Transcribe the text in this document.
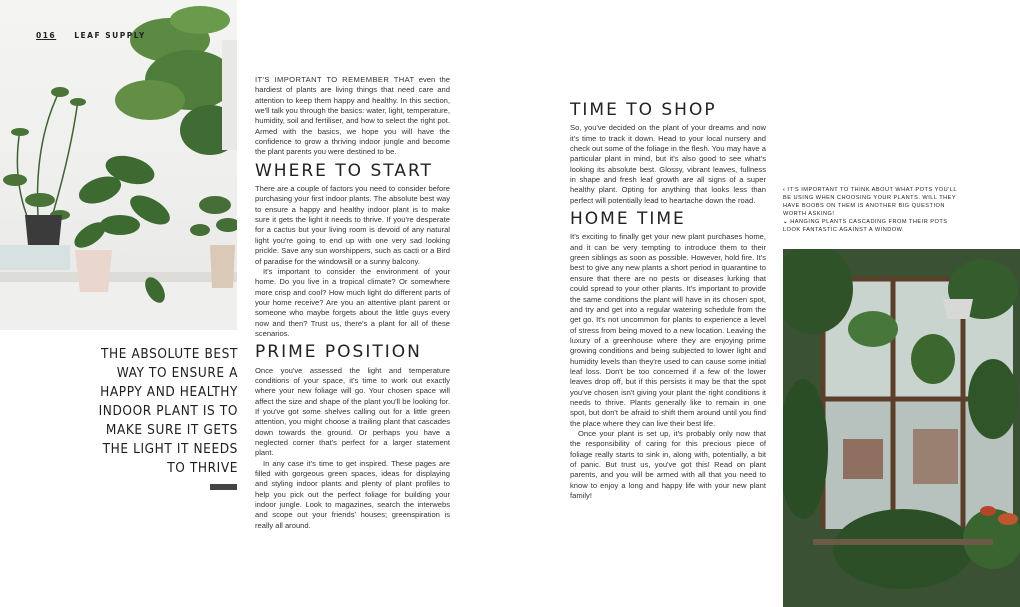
016 LEAF SUPPLY
THE ABSOLUTE BEST WAY TO ENSURE A HAPPY AND HEALTHY INDOOR PLANT IS TO MAKE SURE IT GETS THE LIGHT IT NEEDS TO THRIVE

IT'S IMPORTANT TO REMEMBER THAT even the hardiest of plants are living things that need care and attention to keep them happy and healthy. In this section, we'll talk you through the basics: water, light, temperature, humidity, soil and fertiliser, and how to select the right pot. Armed with the basics, we hope you will have the confidence to grow a thriving indoor jungle and become the plant parents you were destined to be.

WHERE TO START

There are a couple of factors you need to consider before purchasing your first indoor plants. The absolute best way to ensure a happy and healthy indoor plant is to make sure it gets the light it needs to thrive. If you're desperate for a cactus but your living room is devoid of any natural light you're going to end up with one very sad looking prickle. Save any sun worshippers, such as cacti or a Bird of paradise for the windowsill or a sunny balcony.

It's important to consider the environment of your home. Do you live in a tropical climate? Or somewhere more crisp and cool? How much light do different parts of your home receive? Are you an attentive plant parent or someone who maybe forgets about the little guys every now and then? Trust us, there's a plant for all of these scenarios.

PRIME POSITION

Once you've assessed the light and temperature conditions of your space, it's time to work out exactly where your new foliage will go. Your chosen space will affect the size and shape of the plant you'll be looking for. If you've got some shelves calling out for a little green attention, you might choose a trailing plant that cascades down towards the ground. Or perhaps you have a neglected corner that's perfect for a larger statement plant.

In any case it's time to get inspired. These pages are filled with gorgeous green spaces, ideas for displaying and styling indoor plants and plenty of plant profiles to help you pick out the perfect foliage for building your indoor jungle. Look to magazines, search the interwebs and scope out your friends' houses; greenspiration is really all around.

TIME TO SHOP

So, you've decided on the plant of your dreams and now it's time to track it down. Head to your local nursery and check out some of the foliage in the flesh. You may have a particular plant in mind, but it's also good to see what's looking its absolute best. Glossy, vibrant leaves, fullness in shape and fresh leaf growth are all signs of a super healthy plant. Opting for anything that looks less than perfect will potentially lead to heartache down the road.

HOME TIME

It's exciting to finally get your new plant purchases home, and it can be very tempting to introduce them to their green siblings as soon as possible. However, hold fire. It's best to give any new plants a short period in quarantine to ensure that there are no pests or diseases lurking that could spread to your other plants. It's important to provide the same conditions the plant will have in its chosen spot, and try and get into a regular watering schedule from the get go. It's not uncommon for plants to experience a level of stress from being moved to a new location. Leaving the luxury of a greenhouse where they are enjoying prime growing conditions and being subjected to lower light and humidity levels than they're used to can cause some initial leaf loss. Don't be too concerned if a few of the lower leaves drop off, but if this persists it may be that the spot you've chosen isn't giving your plant the right conditions it needs to thrive. Plants generally like to remain in one spot, but don't be afraid to shift them around until you find the place where they can live their best life.

Once your plant is set up, it's probably only now that the responsibility of caring for this precious piece of foliage really starts to sink in, along with, potentially, a bit of panic. But trust us, you've got this! Read on plant parents, and you will be armed with all that you need to know to enjoy a long and happy life with your new plant family!

‹ IT'S IMPORTANT TO THINK ABOUT WHAT POTS YOU'LL BE USING WHEN CHOOSING YOUR PLANTS. WILL THEY HAVE BOOBS ON THEM IS ANOTHER BIG QUESTION WORTH ASKING!
⌄ HANGING PLANTS CASCADING FROM THEIR POTS LOOK FANTASTIC AGAINST A WINDOW.
